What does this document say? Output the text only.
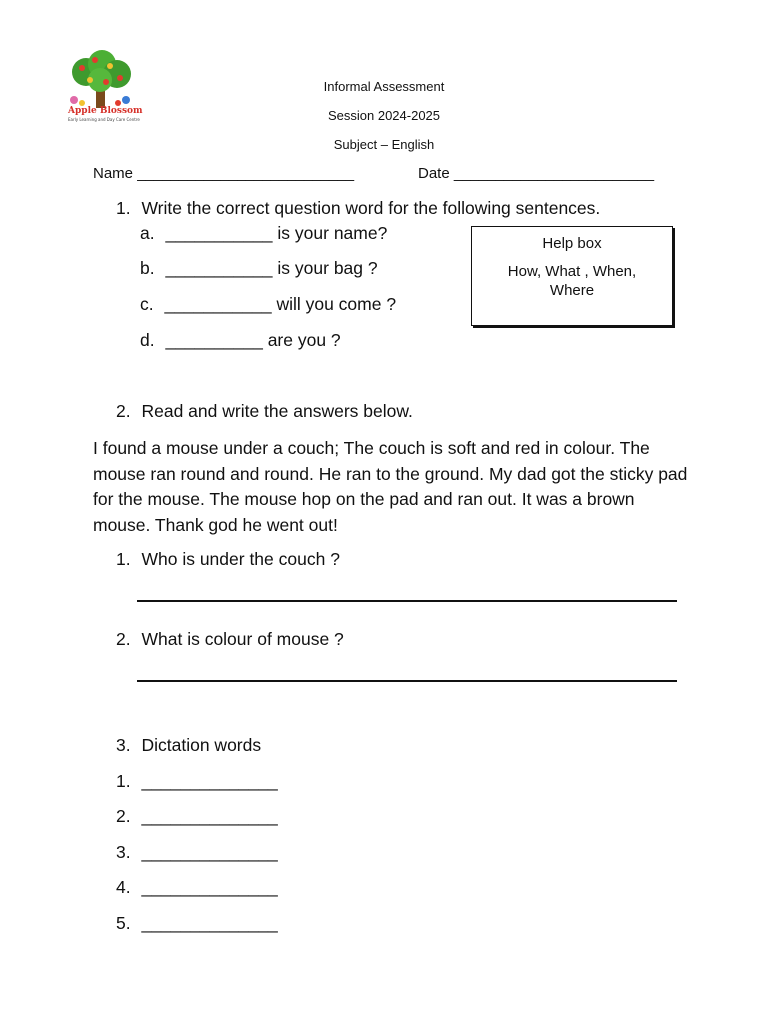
Apple Blossom
Early Learning and Day Care Centre
Informal Assessment
Session 2024-2025
Subject – English
Name __________________________	Date ________________________
1. Write the correct question word for the following sentences.
a. ___________ is your name?
b. ___________ is your bag ?
c. ___________ will you come ?
d. __________ are you ?
Help box
How, What , When,
Where
2. Read and write the answers below.
I found a mouse under a couch; The couch is soft and red in colour. The mouse ran round and round. He ran to the ground. My dad got the sticky pad for the mouse. The mouse hop on the pad and ran out. It was a brown mouse. Thank god he went out!
1. Who is under the couch ?
2. What is colour of mouse ?
3. Dictation words
1. ______________
2. ______________
3. ______________
4. ______________
5. ______________
